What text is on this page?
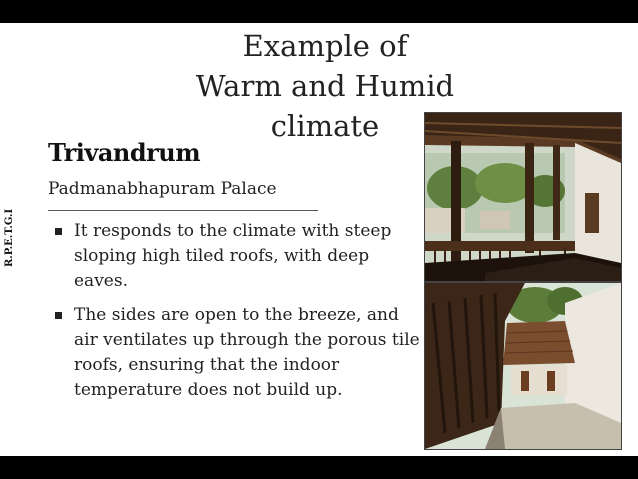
Example of
Warm and Humid
climate
R.P.E.T.G.I
Trivandrum
Padmanabhapuram Palace
It responds to the climate with steep sloping high tiled roofs, with deep eaves.
The sides are open to the breeze, and air ventilates up through the porous tile roofs, ensuring that the indoor temperature does not build up.
